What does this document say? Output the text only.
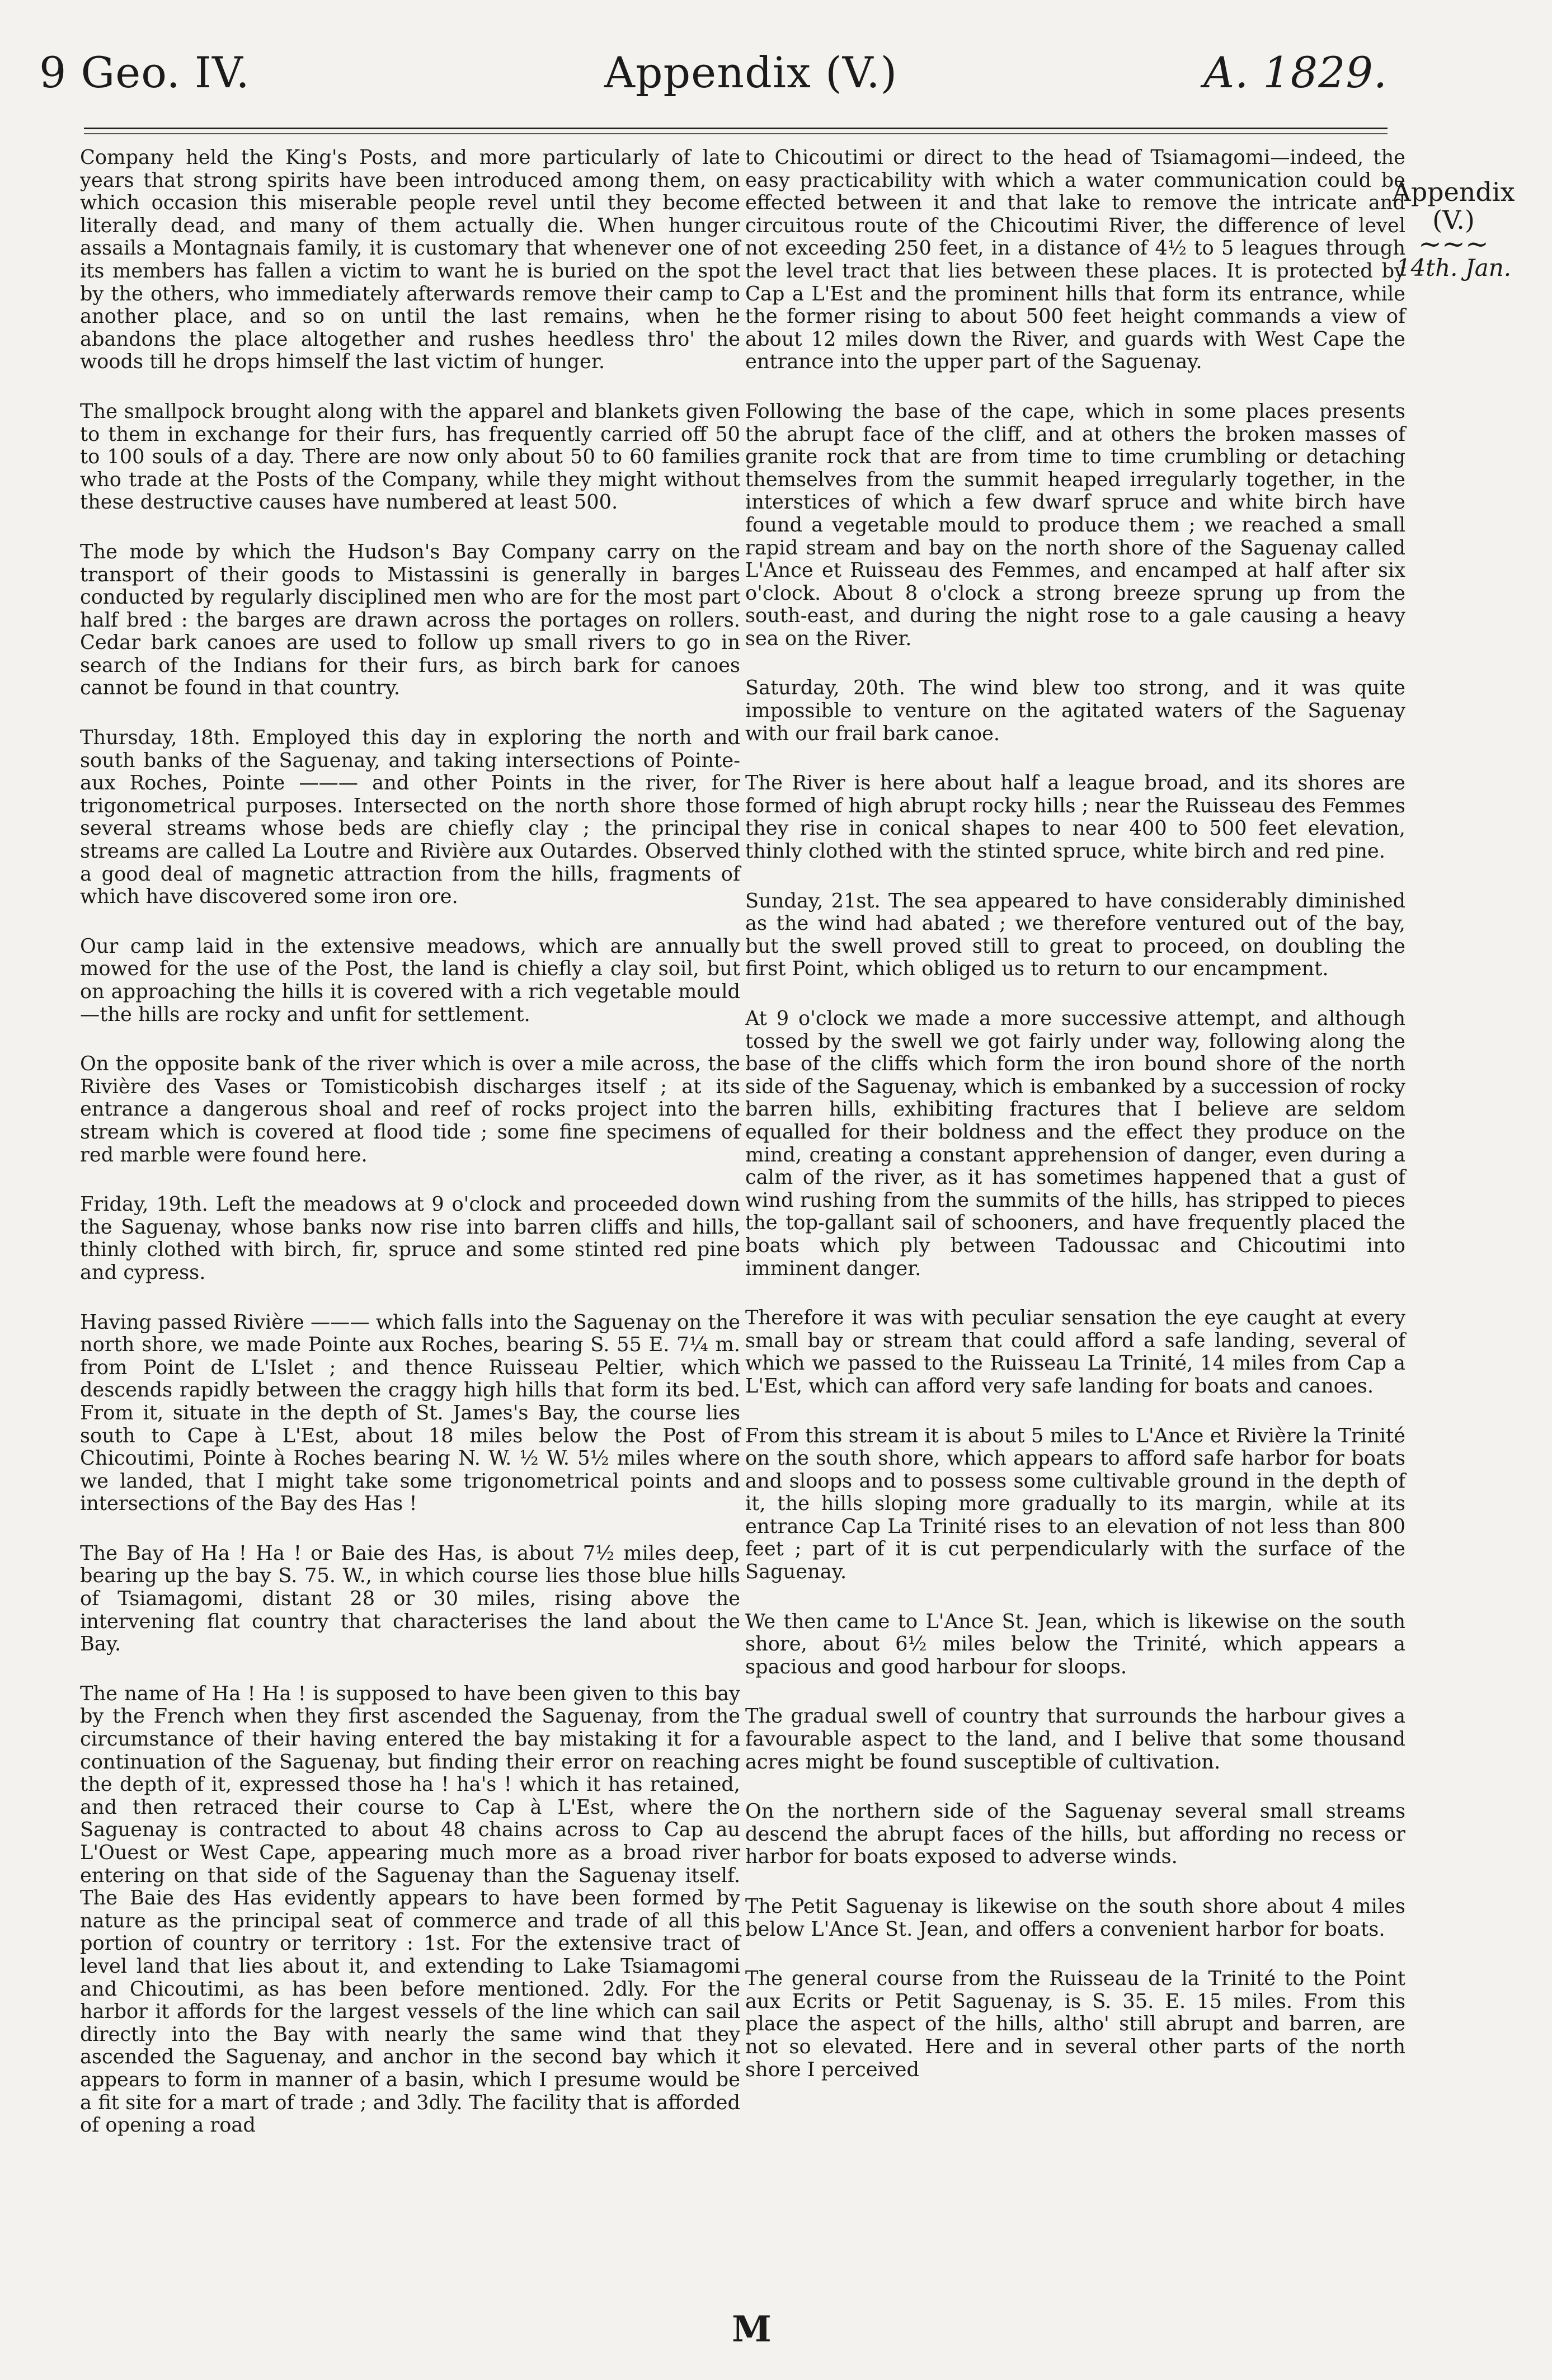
9 Geo. IV.	Appendix (V.)	A. 1829.

Company held the King's Posts, and more particularly of late years that strong spirits have been introduced among them, on which occasion this miserable people revel until they become literally dead, and many of them actually die. When hunger assails a Montagnais family, it is customary that whenever one of its members has fallen a victim to want he is buried on the spot by the others, who immediately afterwards remove their camp to another place, and so on until the last remains, when he abandons the place altogether and rushes heedless thro' the woods till he drops himself the last victim of hunger.

The smallpock brought along with the apparel and blankets given to them in exchange for their furs, has frequently carried off 50 to 100 souls of a day. There are now only about 50 to 60 families who trade at the Posts of the Company, while they might without these destructive causes have numbered at least 500.

The mode by which the Hudson's Bay Company carry on the transport of their goods to Mistassini is generally in barges conducted by regularly disciplined men who are for the most part half bred : the barges are drawn across the portages on rollers. Cedar bark canoes are used to follow up small rivers to go in search of the Indians for their furs, as birch bark for canoes cannot be found in that country.

Thursday, 18th. Employed this day in exploring the north and south banks of the Saguenay, and taking intersections of Pointe-aux Roches, Pointe ——— and other Points in the river, for trigonometrical purposes. Intersected on the north shore those several streams whose beds are chiefly clay ; the principal streams are called La Loutre and Rivière aux Outardes. Observed a good deal of magnetic attraction from the hills, fragments of which have discovered some iron ore.

Our camp laid in the extensive meadows, which are annually mowed for the use of the Post, the land is chiefly a clay soil, but on approaching the hills it is covered with a rich vegetable mould —the hills are rocky and unfit for settlement.

On the opposite bank of the river which is over a mile across, the Rivière des Vases or Tomisticobish discharges itself ; at its entrance a dangerous shoal and reef of rocks project into the stream which is covered at flood tide ; some fine specimens of red marble were found here.

Friday, 19th. Left the meadows at 9 o'clock and proceeded down the Saguenay, whose banks now rise into barren cliffs and hills, thinly clothed with birch, fir, spruce and some stinted red pine and cypress.

Having passed Rivière ——— which falls into the Saguenay on the north shore, we made Pointe aux Roches, bearing S. 55 E. 7¼ m. from Point de L'Islet ; and thence Ruisseau Peltier, which descends rapidly between the craggy high hills that form its bed. From it, situate in the depth of St. James's Bay, the course lies south to Cape à L'Est, about 18 miles below the Post of Chicoutimi, Pointe à Roches bearing N. W. ½ W. 5½ miles where we landed, that I might take some trigonometrical points and intersections of the Bay des Has !

The Bay of Ha ! Ha ! or Baie des Has, is about 7½ miles deep, bearing up the bay S. 75. W., in which course lies those blue hills of Tsiamagomi, distant 28 or 30 miles, rising above the intervening flat country that characterises the land about the Bay.

The name of Ha ! Ha ! is supposed to have been given to this bay by the French when they first ascended the Saguenay, from the circumstance of their having entered the bay mistaking it for a continuation of the Saguenay, but finding their error on reaching the depth of it, expressed those ha ! ha's ! which it has retained, and then retraced their course to Cap à L'Est, where the Saguenay is contracted to about 48 chains across to Cap au L'Ouest or West Cape, appearing much more as a broad river entering on that side of the Saguenay than the Saguenay itself. The Baie des Has evidently appears to have been formed by nature as the principal seat of commerce and trade of all this portion of country or territory : 1st. For the extensive tract of level land that lies about it, and extending to Lake Tsiamagomi and Chicoutimi, as has been before mentioned. 2dly. For the harbor it affords for the largest vessels of the line which can sail directly into the Bay with nearly the same wind that they ascended the Saguenay, and anchor in the second bay which it appears to form in manner of a basin, which I presume would be a fit site for a mart of trade ; and 3dly. The facility that is afforded of opening a road

to Chicoutimi or direct to the head of Tsiamagomi—indeed, the easy practicability with which a water communication could be effected between it and that lake to remove the intricate and circuitous route of the Chicoutimi River, the difference of level not exceeding 250 feet, in a distance of 4½ to 5 leagues through the level tract that lies between these places. It is protected by Cap a L'Est and the prominent hills that form its entrance, while the former rising to about 500 feet height commands a view of about 12 miles down the River, and guards with West Cape the entrance into the upper part of the Saguenay.

Following the base of the cape, which in some places presents the abrupt face of the cliff, and at others the broken masses of granite rock that are from time to time crumbling or detaching themselves from the summit heaped irregularly together, in the interstices of which a few dwarf spruce and white birch have found a vegetable mould to produce them ; we reached a small rapid stream and bay on the north shore of the Saguenay called L'Ance et Ruisseau des Femmes, and encamped at half after six o'clock. About 8 o'clock a strong breeze sprung up from the south-east, and during the night rose to a gale causing a heavy sea on the River.

Saturday, 20th. The wind blew too strong, and it was quite impossible to venture on the agitated waters of the Saguenay with our frail bark canoe.

The River is here about half a league broad, and its shores are formed of high abrupt rocky hills ; near the Ruisseau des Femmes they rise in conical shapes to near 400 to 500 feet elevation, thinly clothed with the stinted spruce, white birch and red pine.

Sunday, 21st. The sea appeared to have considerably diminished as the wind had abated ; we therefore ventured out of the bay, but the swell proved still to great to proceed, on doubling the first Point, which obliged us to return to our encampment.

At 9 o'clock we made a more successive attempt, and although tossed by the swell we got fairly under way, following along the base of the cliffs which form the iron bound shore of the north side of the Saguenay, which is embanked by a succession of rocky barren hills, exhibiting fractures that I believe are seldom equalled for their boldness and the effect they produce on the mind, creating a constant apprehension of danger, even during a calm of the river, as it has sometimes happened that a gust of wind rushing from the summits of the hills, has stripped to pieces the top-gallant sail of schooners, and have frequently placed the boats which ply between Tadoussac and Chicoutimi into imminent danger.

Therefore it was with peculiar sensation the eye caught at every small bay or stream that could afford a safe landing, several of which we passed to the Ruisseau La Trinité, 14 miles from Cap a L'Est, which can afford very safe landing for boats and canoes.

From this stream it is about 5 miles to L'Ance et Rivière la Trinité on the south shore, which appears to afford safe harbor for boats and sloops and to possess some cultivable ground in the depth of it, the hills sloping more gradually to its margin, while at its entrance Cap La Trinité rises to an elevation of not less than 800 feet ; part of it is cut perpendicularly with the surface of the Saguenay.

We then came to L'Ance St. Jean, which is likewise on the south shore, about 6½ miles below the Trinité, which appears a spacious and good harbour for sloops.

The gradual swell of country that surrounds the harbour gives a favourable aspect to the land, and I belive that some thousand acres might be found susceptible of cultivation.

On the northern side of the Saguenay several small streams descend the abrupt faces of the hills, but affording no recess or harbor for boats exposed to adverse winds.

The Petit Saguenay is likewise on the south shore about 4 miles below L'Ance St. Jean, and offers a convenient harbor for boats.

The general course from the Ruisseau de la Trinité to the Point aux Ecrits or Petit Saguenay, is S. 35. E. 15 miles. From this place the aspect of the hills, altho' still abrupt and barren, are not so elevated. Here and in several other parts of the north shore I perceived

Appendix
(V.)
~~~
14th. Jan.
M
